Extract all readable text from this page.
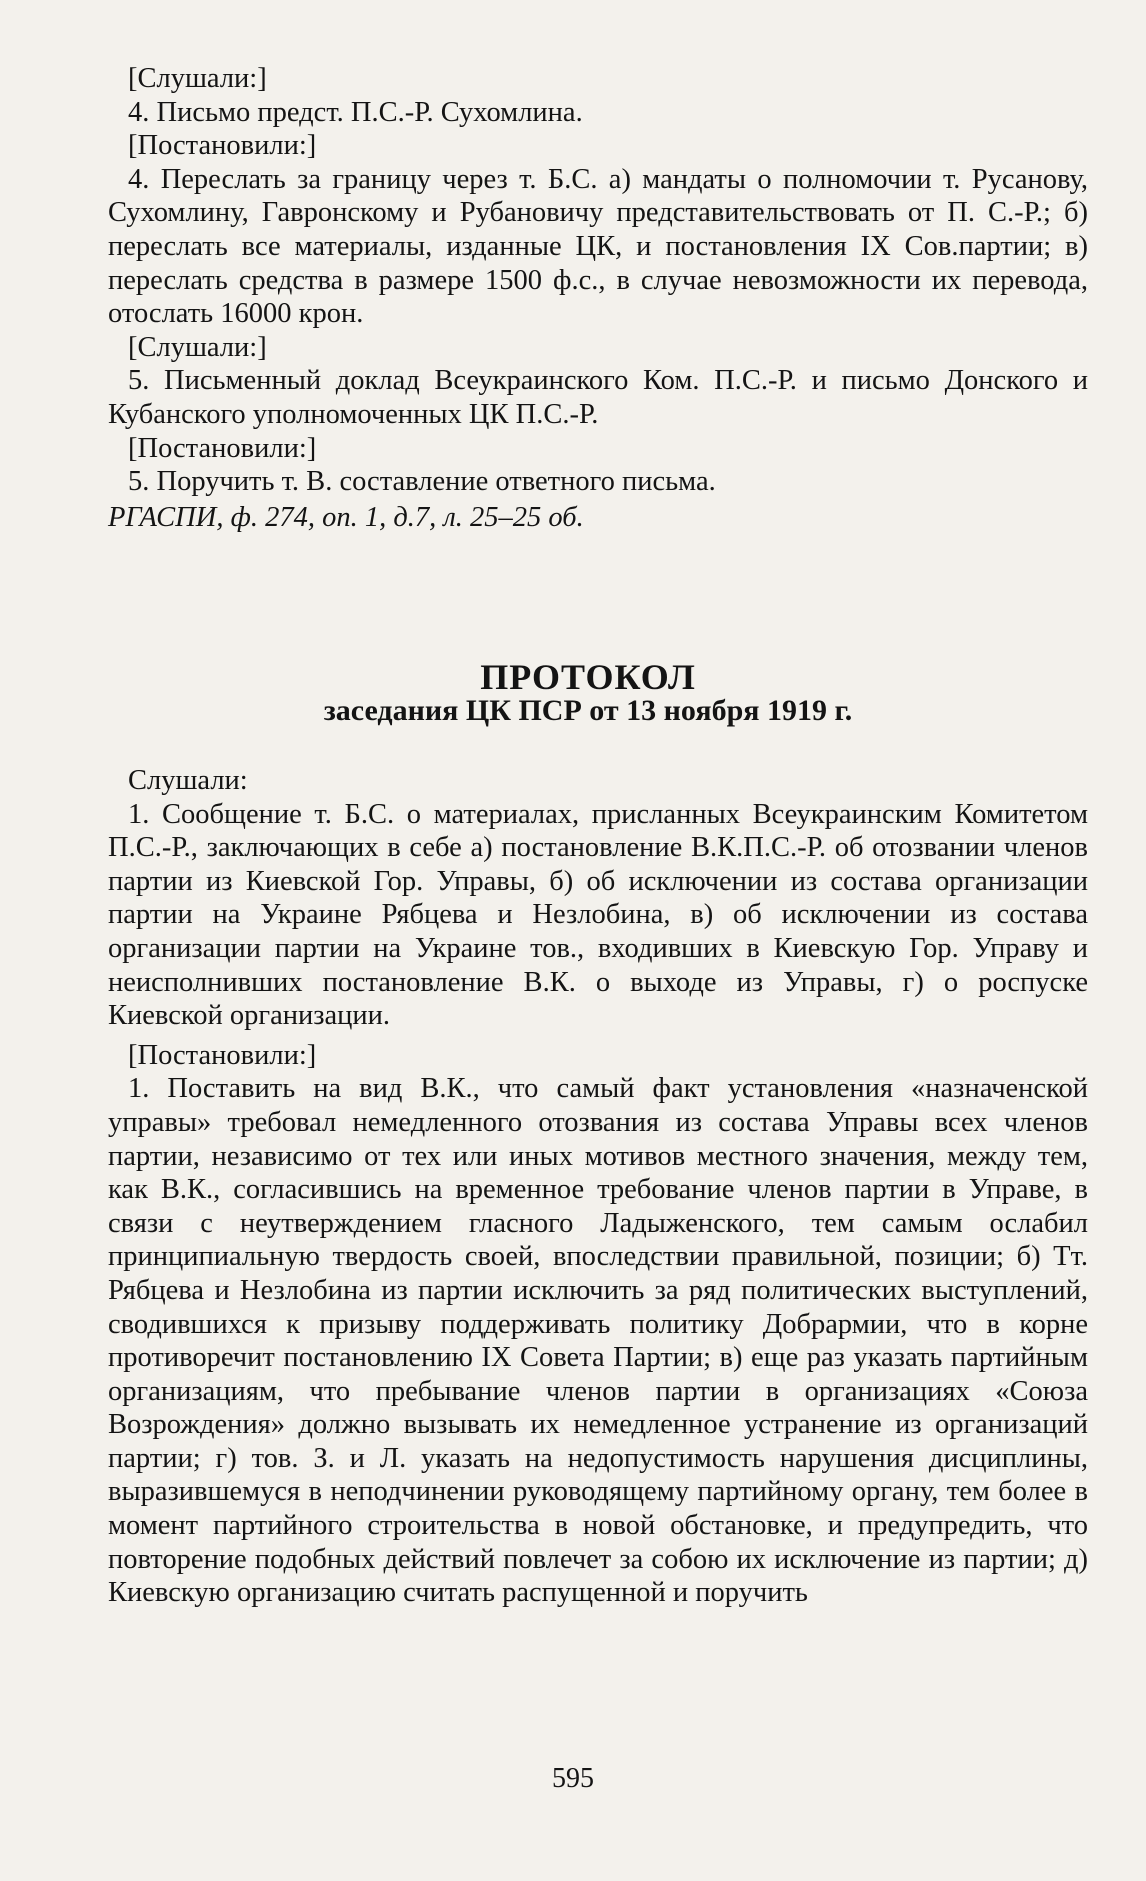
[Слушали:]

4. Письмо предст. П.С.-Р. Сухомлина.

[Постановили:]

4. Переслать за границу через т. Б.С. а) мандаты о полномочии т. Русанову, Сухомлину, Гавронскому и Рубановичу представительствовать от П. С.-Р.; б) переслать все материалы, изданные ЦК, и постановления IX Сов.партии; в) переслать средства в размере 1500 ф.с., в случае невозможности их перевода, отослать 16000 крон.

[Слушали:]

5. Письменный доклад Всеукраинского Ком. П.С.-Р. и письмо Донского и Кубанского уполномоченных ЦК П.С.-Р.

[Постановили:]

5. Поручить т. В. составление ответного письма.

РГАСПИ, ф. 274, оп. 1, д.7, л. 25–25 об.

ПРОТОКОЛ
заседания ЦК ПСР от 13 ноября 1919 г.

Слушали:

1. Сообщение т. Б.С. о материалах, присланных Всеукраинским Комитетом П.С.-Р., заключающих в себе а) постановление В.К.П.С.-Р. об отозвании членов партии из Киевской Гор. Управы, б) об исключении из состава организации партии на Украине Рябцева и Незлобина, в) об исключении из состава организации партии на Украине тов., входивших в Киевскую Гор. Управу и неисполнивших постановление В.К. о выходе из Управы, г) о роспуске Киевской организации.

[Постановили:]

1. Поставить на вид В.К., что самый факт установления «назначенской управы» требовал немедленного отозвания из состава Управы всех членов партии, независимо от тех или иных мотивов местного значения, между тем, как В.К., согласившись на временное требование членов партии в Управе, в связи с неутверждением гласного Ладыженского, тем самым ослабил принципиальную твердость своей, впоследствии правильной, позиции; б) Тт. Рябцева и Незлобина из партии исключить за ряд политических выступлений, сводившихся к призыву поддерживать политику Добрармии, что в корне противоречит постановлению IX Совета Партии; в) еще раз указать партийным организациям, что пребывание членов партии в организациях «Союза Возрождения» должно вызывать их немедленное устранение из организаций партии; г) тов. З. и Л. указать на недопустимость нарушения дисциплины, выразившемуся в неподчинении руководящему партийному органу, тем более в момент партийного строительства в новой обстановке, и предупредить, что повторение подобных действий повлечет за собою их исключение из партии; д) Киевскую организацию считать распущенной и поручить

595
